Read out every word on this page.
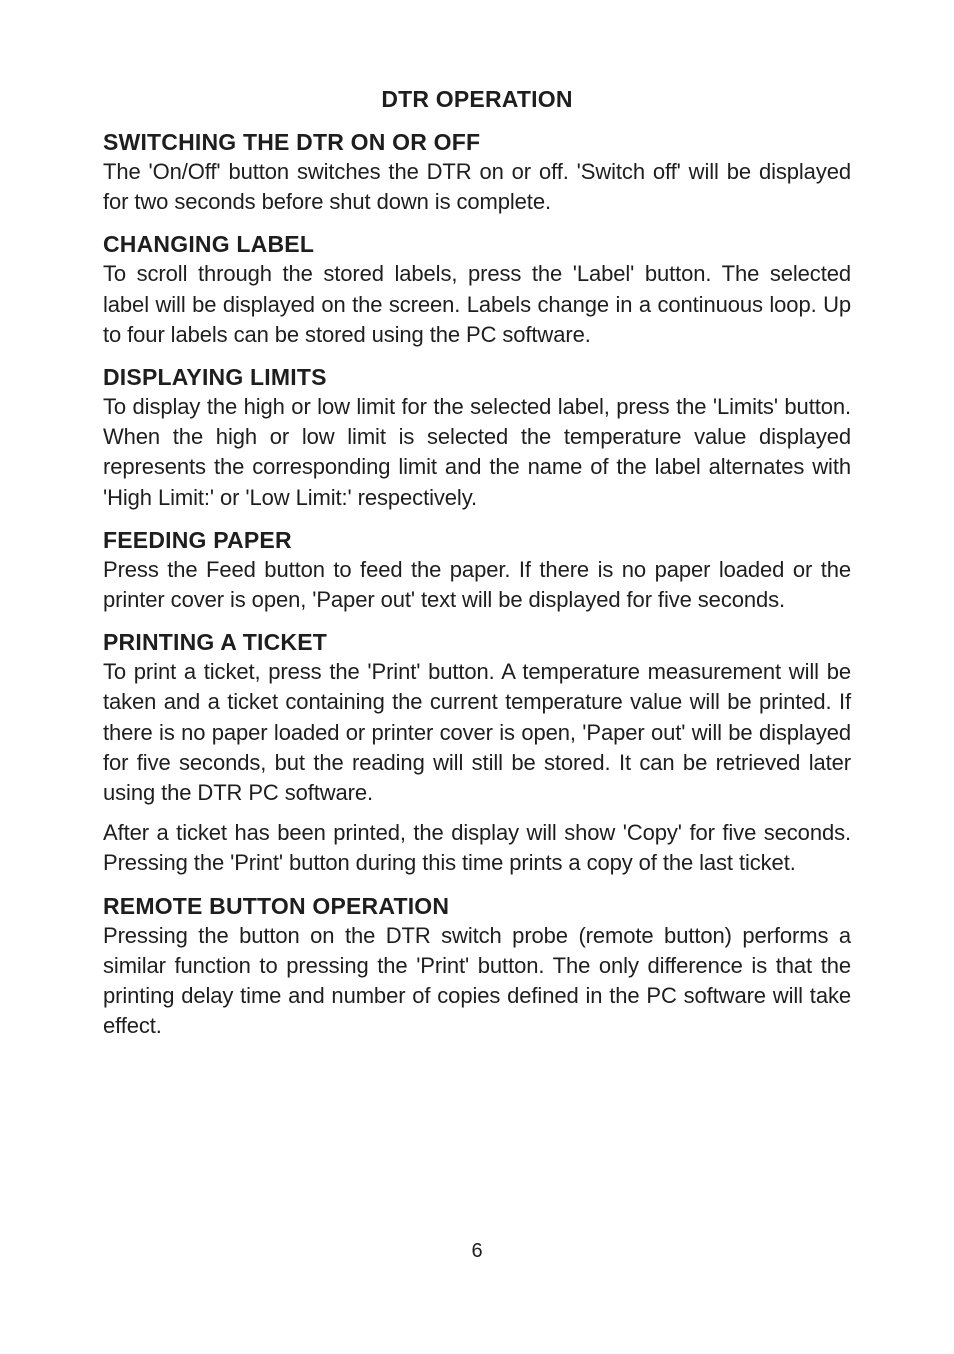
DTR OPERATION
SWITCHING THE DTR ON OR OFF

The 'On/Off' button switches the DTR on or off. 'Switch off' will be displayed for two seconds before shut down is complete.

CHANGING LABEL

To scroll through the stored labels, press the 'Label' button. The selected label will be displayed on the screen. Labels change in a continuous loop. Up to four labels can be stored using the PC software.

DISPLAYING LIMITS

To display the high or low limit for the selected label, press the 'Limits' button. When the high or low limit is selected the temperature value displayed represents the corresponding limit and the name of the label alternates with 'High Limit:' or 'Low Limit:' respectively.

FEEDING PAPER

Press the Feed button to feed the paper. If there is no paper loaded or the printer cover is open, 'Paper out' text will be displayed for five seconds.

PRINTING A TICKET

To print a ticket, press the 'Print' button. A temperature measurement will be taken and a ticket containing the current temperature value will be printed. If there is no paper loaded or printer cover is open, 'Paper out' will be displayed for five seconds, but the reading will still be stored. It can be retrieved later using the DTR PC software.

After a ticket has been printed, the display will show 'Copy' for five seconds. Pressing the 'Print' button during this time prints a copy of the last ticket.

REMOTE BUTTON OPERATION

Pressing the button on the DTR switch probe (remote button) performs a similar function to pressing the 'Print' button. The only difference is that the printing delay time and number of copies defined in the PC software will take effect.

6
